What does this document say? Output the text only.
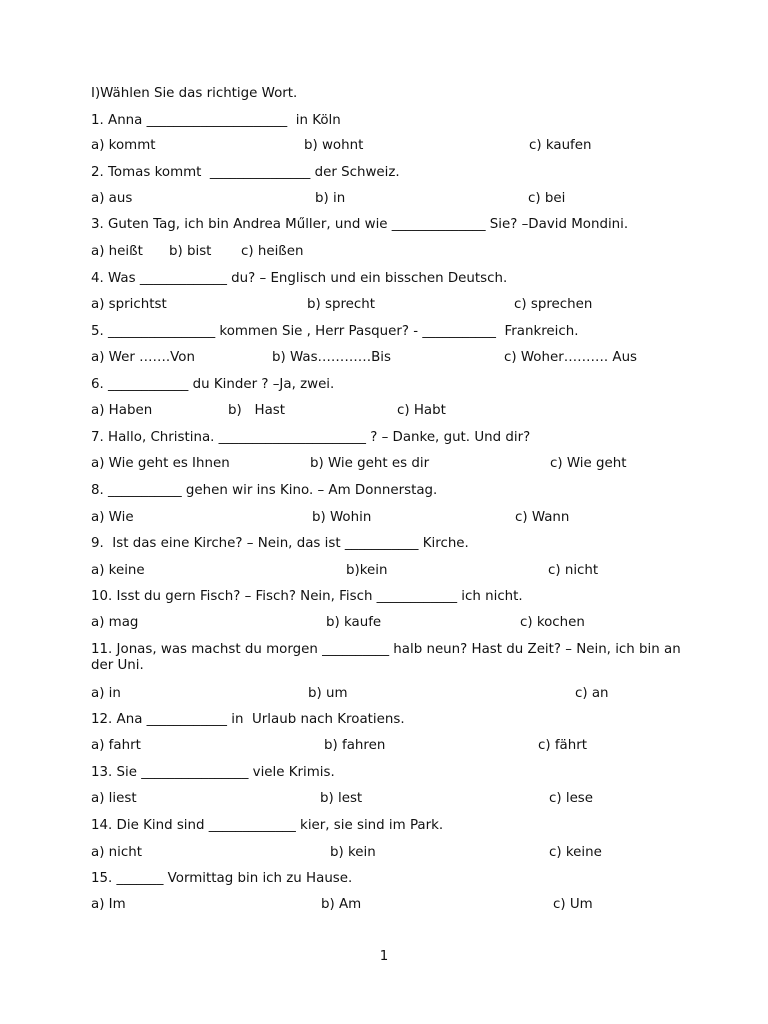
I)Wählen Sie das richtige Wort.
1. Anna _____________________  in Köln
a) kommt	b) wohnt	c) kaufen
2. Tomas kommt  _______________ der Schweiz.
a) aus	b) in	c) bei
3. Guten Tag, ich bin Andrea Műller, und wie ______________ Sie? –David Mondini.
a) heißt b) bist c) heißen
4. Was _____________ du? – Englisch und ein bisschen Deutsch.
a) sprichtst	b) sprecht	c) sprechen
5. ________________ kommen Sie , Herr Pasquer? - ___________  Frankreich.
a) Wer …….Von	b) Was…………Bis	c) Woher………. Aus
6. ____________ du Kinder ? –Ja, zwei.
a) Haben	b)   Hast	c) Habt
7. Hallo, Christina. ______________________ ? – Danke, gut. Und dir?
a) Wie geht es Ihnen	b) Wie geht es dir	c) Wie geht
8. ___________ gehen wir ins Kino. – Am Donnerstag.
a) Wie	b) Wohin	c) Wann
9.  Ist das eine Kirche? – Nein, das ist ___________ Kirche.
a) keine	b)kein	c) nicht
10. Isst du gern Fisch? – Fisch? Nein, Fisch ____________ ich nicht.
a) mag	b) kaufe	c) kochen
11. Jonas, was machst du morgen __________ halb neun? Hast du Zeit? – Nein, ich bin an der Uni.
a) in	b) um	c) an
12. Ana ____________ in  Urlaub nach Kroatiens.
a) fahrt	b) fahren	c) fährt
13. Sie ________________ viele Krimis.
a) liest	b) lest	c) lese
14. Die Kind sind _____________ kier, sie sind im Park.
a) nicht	b) kein	c) keine
15. _______ Vormittag bin ich zu Hause.
a) Im	b) Am	c) Um
1
